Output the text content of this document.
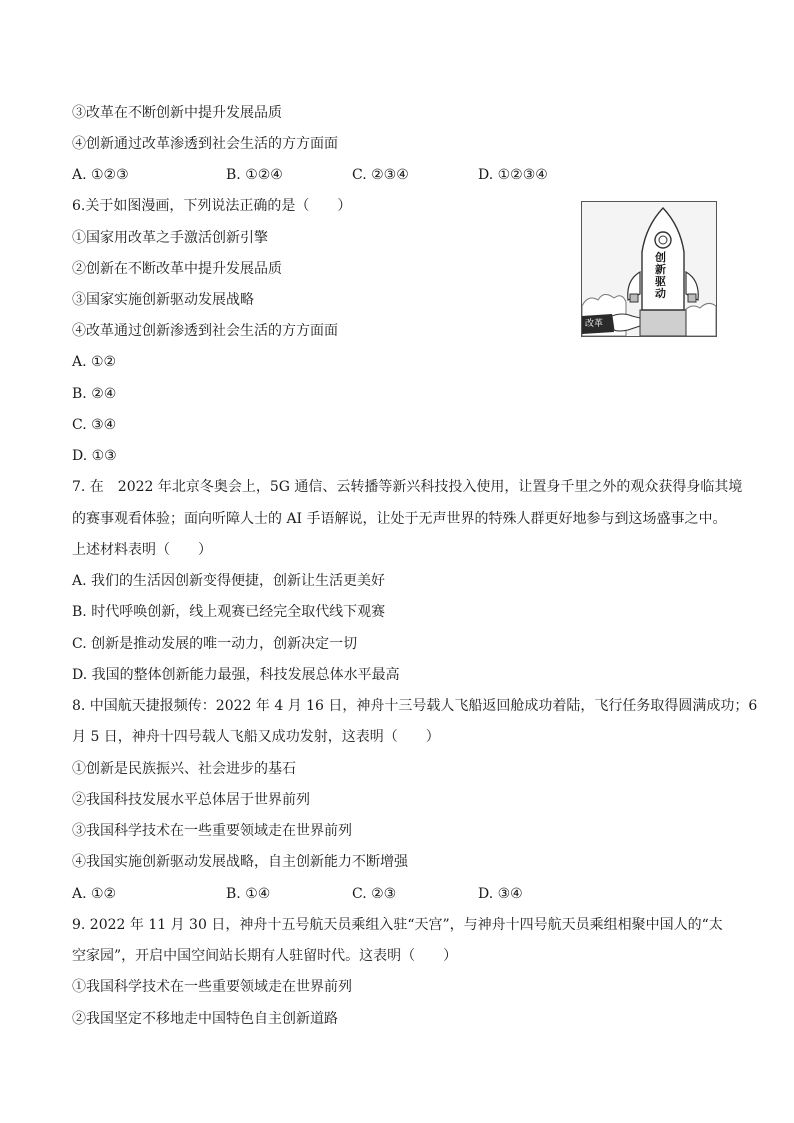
③改革在不断创新中提升发展品质
④创新通过改革渗透到社会生活的方方面面
A. ①②③	B. ①②④	C. ②③④	D. ①②③④
6.关于如图漫画，下列说法正确的是（　　）
①国家用改革之手激活创新引擎
②创新在不断改革中提升发展品质
③国家实施创新驱动发展战略
④改革通过创新渗透到社会生活的方方面面
A. ①②
B. ②④
C. ③④
D. ①③
创新驱动
改革
7. 在　2022 年北京冬奥会上，5G 通信、云转播等新兴科技投入使用，让置身千里之外的观众获得身临其境
的赛事观看体验；面向听障人士的 AI 手语解说，让处于无声世界的特殊人群更好地参与到这场盛事之中。
上述材料表明（　　）
A. 我们的生活因创新变得便捷，创新让生活更美好
B. 时代呼唤创新，线上观赛已经完全取代线下观赛
C. 创新是推动发展的唯一动力，创新决定一切
D. 我国的整体创新能力最强，科技发展总体水平最高
8. 中国航天捷报频传：2022 年 4 月 16 日，神舟十三号载人飞船返回舱成功着陆，飞行任务取得圆满成功；6
月 5 日，神舟十四号载人飞船又成功发射，这表明（　　）
①创新是民族振兴、社会进步的基石
②我国科技发展水平总体居于世界前列
③我国科学技术在一些重要领域走在世界前列
④我国实施创新驱动发展战略，自主创新能力不断增强
A. ①②	B. ①④	C. ②③	D. ③④
9. 2022 年 11 月 30 日，神舟十五号航天员乘组入驻“天宫”，与神舟十四号航天员乘组相聚中国人的“太
空家园”，开启中国空间站长期有人驻留时代。这表明（　　）
①我国科学技术在一些重要领域走在世界前列
②我国坚定不移地走中国特色自主创新道路
